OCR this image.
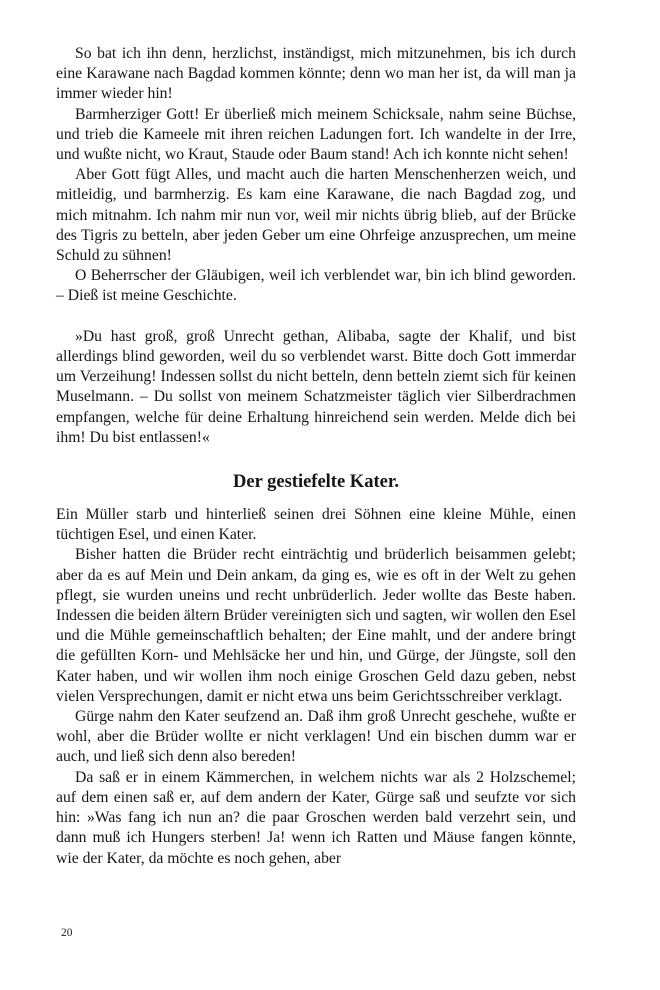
So bat ich ihn denn, herzlichst, inständigst, mich mitzunehmen, bis ich durch eine Karawane nach Bagdad kommen könnte; denn wo man her ist, da will man ja immer wieder hin!

Barmherziger Gott! Er überließ mich meinem Schicksale, nahm seine Büchse, und trieb die Kameele mit ihren reichen Ladungen fort. Ich wandelte in der Irre, und wußte nicht, wo Kraut, Staude oder Baum stand! Ach ich konnte nicht sehen!

Aber Gott fügt Alles, und macht auch die harten Menschenherzen weich, und mitleidig, und barmherzig. Es kam eine Karawane, die nach Bagdad zog, und mich mitnahm. Ich nahm mir nun vor, weil mir nichts übrig blieb, auf der Brücke des Tigris zu betteln, aber jeden Geber um eine Ohrfeige anzusprechen, um meine Schuld zu sühnen!

O Beherrscher der Gläubigen, weil ich verblendet war, bin ich blind geworden. – Dieß ist meine Geschichte.

»Du hast groß, groß Unrecht gethan, Alibaba, sagte der Khalif, und bist allerdings blind geworden, weil du so verblendet warst. Bitte doch Gott immerdar um Verzeihung! Indessen sollst du nicht betteln, denn betteln ziemt sich für keinen Muselmann. – Du sollst von meinem Schatzmeister täglich vier Silberdrachmen empfangen, welche für deine Erhaltung hinreichend sein werden. Melde dich bei ihm! Du bist entlassen!«

Der gestiefelte Kater.

Ein Müller starb und hinterließ seinen drei Söhnen eine kleine Mühle, einen tüchtigen Esel, und einen Kater.

Bisher hatten die Brüder recht einträchtig und brüderlich beisammen gelebt; aber da es auf Mein und Dein ankam, da ging es, wie es oft in der Welt zu gehen pflegt, sie wurden uneins und recht unbrüderlich. Jeder wollte das Beste haben. Indessen die beiden ältern Brüder vereinigten sich und sagten, wir wollen den Esel und die Mühle gemeinschaftlich behalten; der Eine mahlt, und der andere bringt die gefüllten Korn- und Mehlsäcke her und hin, und Gürge, der Jüngste, soll den Kater haben, und wir wollen ihm noch einige Groschen Geld dazu geben, nebst vielen Versprechungen, damit er nicht etwa uns beim Gerichtsschreiber verklagt.

Gürge nahm den Kater seufzend an. Daß ihm groß Unrecht geschehe, wußte er wohl, aber die Brüder wollte er nicht verklagen! Und ein bischen dumm war er auch, und ließ sich denn also bereden!

Da saß er in einem Kämmerchen, in welchem nichts war als 2 Holzschemel; auf dem einen saß er, auf dem andern der Kater, Gürge saß und seufzte vor sich hin: »Was fang ich nun an? die paar Groschen werden bald verzehrt sein, und dann muß ich Hungers sterben! Ja! wenn ich Ratten und Mäuse fangen könnte, wie der Kater, da möchte es noch gehen, aber

20
